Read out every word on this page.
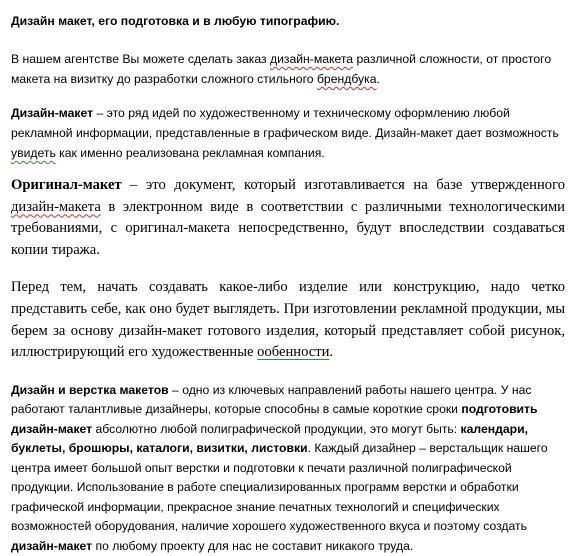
Дизайн макет, его подготовка и в любую типографию.

В нашем агентстве Вы можете сделать заказ дизайн-макета различной сложности, от простого макета на визитку до разработки сложного стильного брендбука.

Дизайн-макет – это ряд идей по художественному и техническому оформлению любой рекламной информации, представленные в графическом виде. Дизайн-макет дает возможность увидеть как именно реализована рекламная компания.

Оригинал-макет – это документ, который изготавливается на базе утвержденного дизайн-макета в электронном виде в соответствии с различными технологическими требованиями, с оригинал-макета непосредственно, будут впоследствии создаваться копии тиража.

Перед тем, начать создавать какое-либо изделие или конструкцию, надо четко представить себе, как оно будет выглядеть. При изготовлении рекламной продукции, мы берем за основу дизайн-макет готового изделия, который представляет собой рисунок, иллюстрирующий его художественные ообенности.

Дизайн и верстка макетов – одно из ключевых направлений работы нашего центра. У нас работают талантливые дизайнеры, которые способны в самые короткие сроки подготовить дизайн-макет абсолютно любой полиграфической продукции, это могут быть: календари, буклеты, брошюры, каталоги, визитки, листовки. Каждый дизайнер – верстальщик нашего центра имеет большой опыт верстки и подготовки к печати различной полиграфической продукции. Использование в работе специализированных программ верстки и обработки графической информации, прекрасное знание печатных технологий и специфических возможностей оборудования, наличие хорошего художественного вкуса и поэтому создать дизайн-макет по любому проекту для нас не составит никакого труда.
